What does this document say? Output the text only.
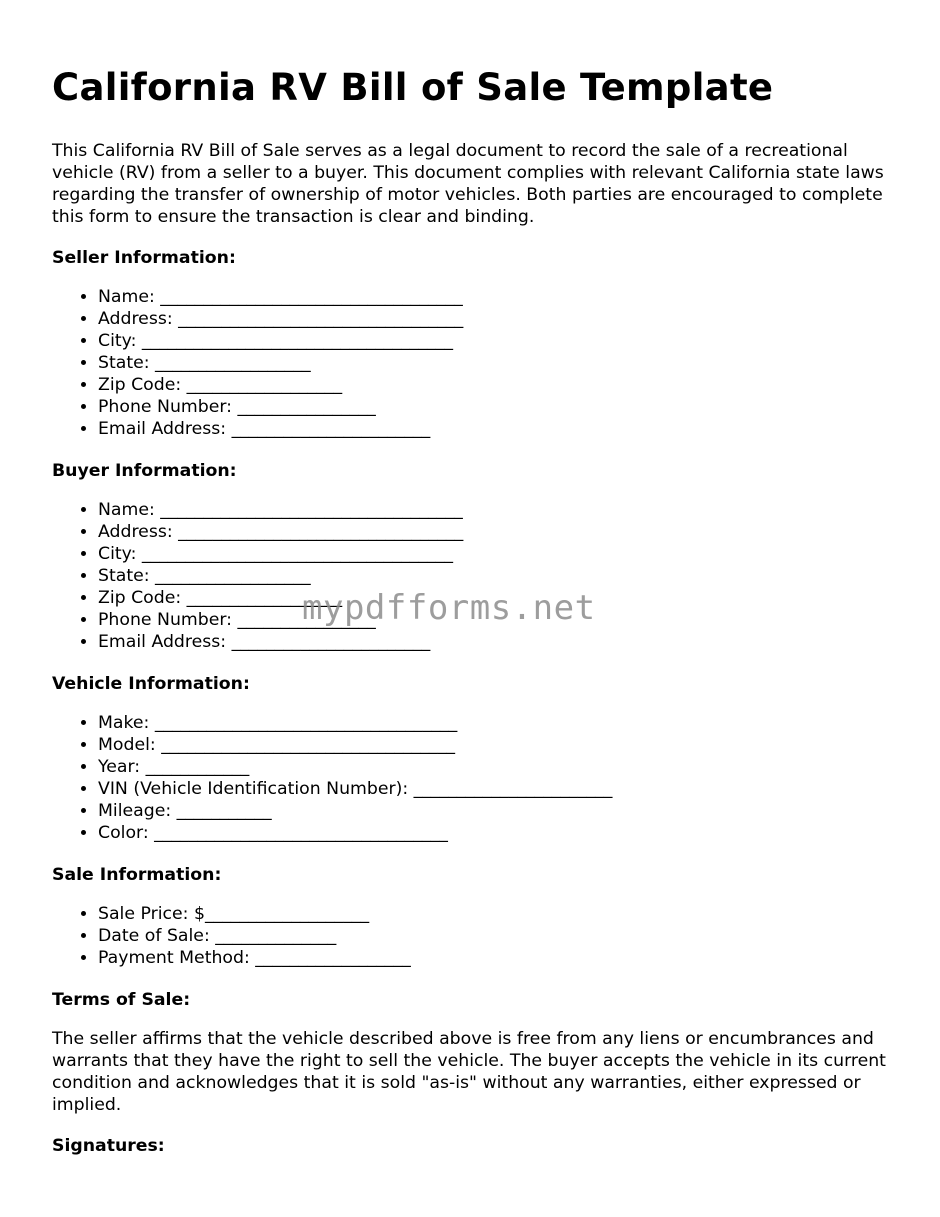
California RV Bill of Sale Template

This California RV Bill of Sale serves as a legal document to record the sale of a recreational vehicle (RV) from a seller to a buyer. This document complies with relevant California state laws regarding the transfer of ownership of motor vehicles. Both parties are encouraged to complete this form to ensure the transaction is clear and binding.

Seller Information:
• Name: ___________________________________
• Address: _________________________________
• City: ____________________________________
• State: __________________
• Zip Code: __________________
• Phone Number: ________________
• Email Address: _______________________
Buyer Information:
• Name: ___________________________________
• Address: _________________________________
• City: ____________________________________
• State: __________________
• Zip Code: __________________
• Phone Number: ________________
• Email Address: _______________________
Vehicle Information:
• Make: ___________________________________
• Model: __________________________________
• Year: ____________
• VIN (Vehicle Identification Number): _______________________
• Mileage: ___________
• Color: __________________________________
Sale Information:
• Sale Price: $___________________
• Date of Sale: ______________
• Payment Method: __________________
Terms of Sale:

The seller affirms that the vehicle described above is free from any liens or encumbrances and warrants that they have the right to sell the vehicle. The buyer accepts the vehicle in its current condition and acknowledges that it is sold "as-is" without any warranties, either expressed or implied.

Signatures:
mypdfforms.net
